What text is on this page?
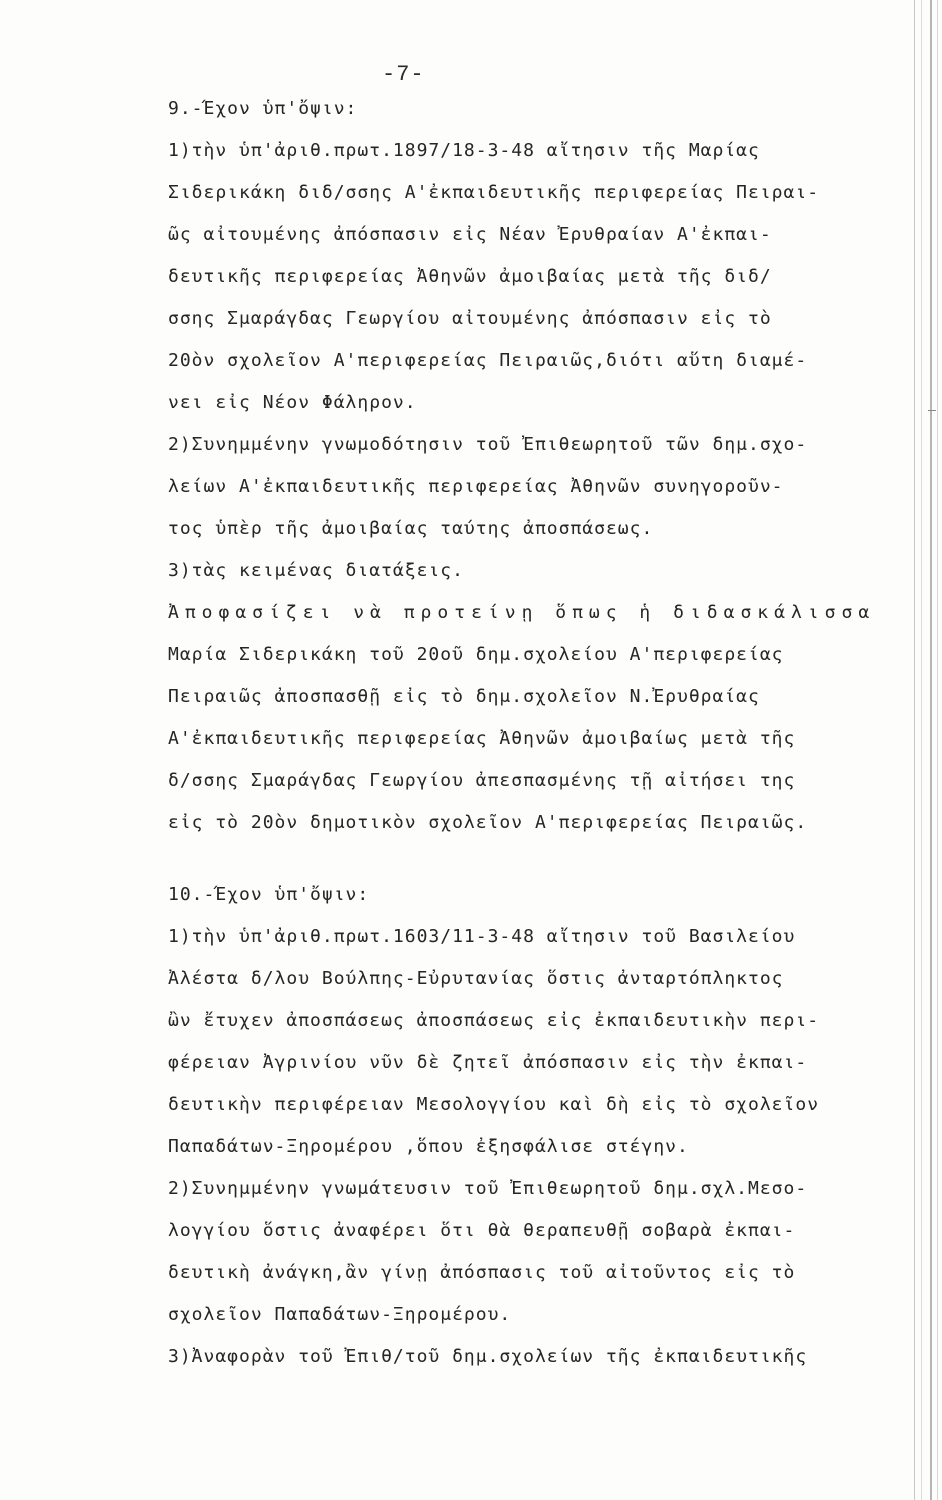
-7-
9.-Έχον ὑπ'ὄψιν:
1)τὴν ὑπ'ἀριθ.πρωτ.1897/18-3-48 αἴτησιν τῆς Μαρίας
Σιδερικάκη διδ/σσης Α'ἐκπαιδευτικῆς περιφερείας Πειραι-
ῶς αἰτουμένης ἀπόσπασιν εἰς Νέαν Ἐρυθραίαν Α'ἐκπαι-
δευτικῆς περιφερείας Ἀθηνῶν ἀμοιβαίας μετὰ τῆς διδ/
σσης Σμαράγδας Γεωργίου αἰτουμένης ἀπόσπασιν εἰς τὸ
20ὸν σχολεῖον Α'περιφερείας Πειραιῶς,διότι αὕτη διαμέ-
νει εἰς Νέον Φάληρον.
2)Συνημμένην γνωμοδότησιν τοῦ Ἐπιθεωρητοῦ τῶν δημ.σχο-
λείων Α'ἐκπαιδευτικῆς περιφερείας Ἀθηνῶν συνηγοροῦν-
τος ὑπὲρ τῆς ἀμοιβαίας ταύτης ἀποσπάσεως.
3)τὰς κειμένας διατάξεις.
Ἀποφασίζει νὰ προτείνῃ ὅπως ἡ διδασκάλισσα
Μαρία Σιδερικάκη τοῦ 20οῦ δημ.σχολείου Α'περιφερείας
Πειραιῶς ἀποσπασθῇ εἰς τὸ δημ.σχολεῖον Ν.Ἐρυθραίας
Α'ἐκπαιδευτικῆς περιφερείας Ἀθηνῶν ἀμοιβαίως μετὰ τῆς
δ/σσης Σμαράγδας Γεωργίου ἀπεσπασμένης τῇ αἰτήσει της
εἰς τὸ 20ὸν δημοτικὸν σχολεῖον Α'περιφερείας Πειραιῶς.
10.-Έχον ὑπ'ὄψιν:
1)τὴν ὑπ'ἀριθ.πρωτ.1603/11-3-48 αἴτησιν τοῦ Βασιλείου
Ἀλέστα δ/λου Βούλπης-Εὐρυτανίας ὅστις ἀνταρτόπληκτος
ὢν ἔτυχεν ἀποσπάσεως ἀποσπάσεως εἰς ἐκπαιδευτικὴν περι-
φέρειαν Ἀγρινίου νῦν δὲ ζητεῖ ἀπόσπασιν εἰς τὴν ἐκπαι-
δευτικὴν περιφέρειαν Μεσολογγίου καὶ δὴ εἰς τὸ σχολεῖον
Παπαδάτων-Ξηρομέρου ,ὅπου ἐξησφάλισε στέγην.
2)Συνημμένην γνωμάτευσιν τοῦ Ἐπιθεωρητοῦ δημ.σχλ.Μεσο-
λογγίου ὅστις ἀναφέρει ὅτι θὰ θεραπευθῇ σοβαρὰ ἐκπαι-
δευτικὴ ἀνάγκη,ἂν γίνῃ ἀπόσπασις τοῦ αἰτοῦντος εἰς τὸ
σχολεῖον Παπαδάτων-Ξηρομέρου.
3)Ἀναφορὰν τοῦ Ἐπιθ/τοῦ δημ.σχολείων τῆς ἐκπαιδευτικῆς
